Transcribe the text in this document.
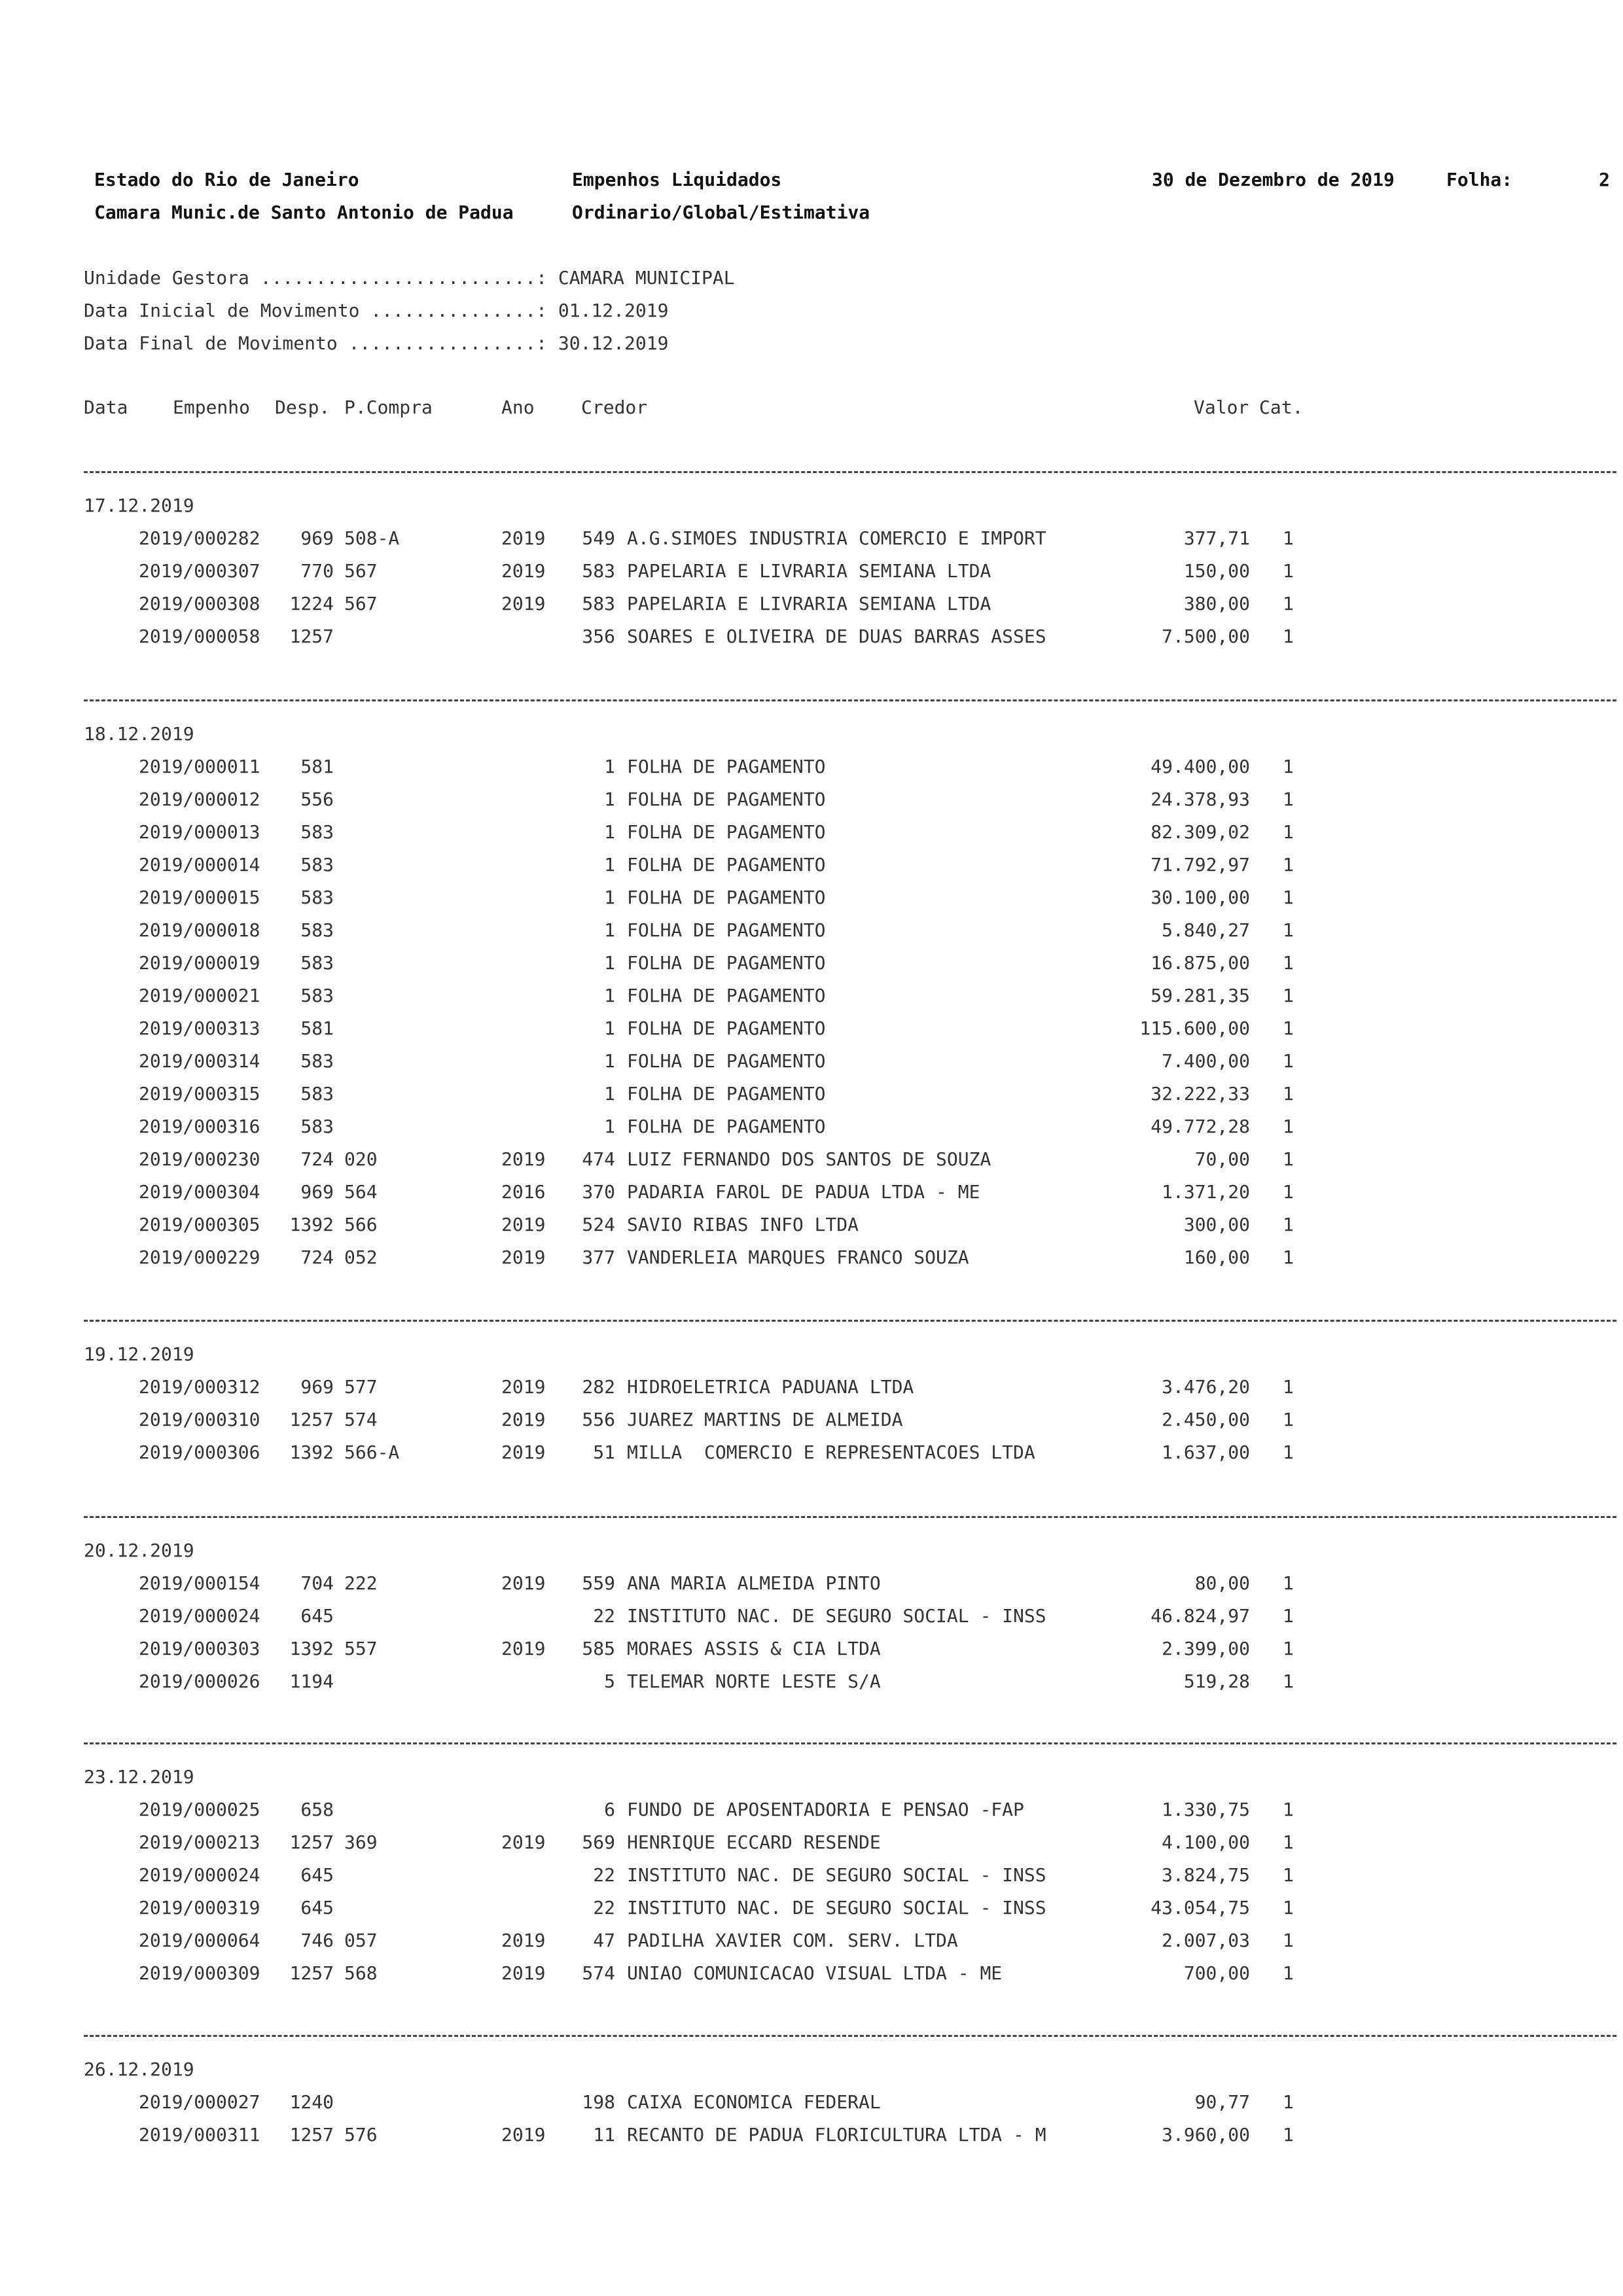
Estado do Rio de Janeiro
Camara Munic.de Santo Antonio de Padua
Empenhos Liquidados
Ordinario/Global/Estimativa
30 de Dezembro de 2019	Folha:	2
Unidade Gestora .........................: CAMARA MUNICIPAL
Data Inicial de Movimento ...............: 01.12.2019
Data Final de Movimento .................: 30.12.2019
Data Empenho Desp. P.Compra	Ano	Credor	Valor Cat.
17.12.2019
2019/000282	969 508-A	2019	549 A.G.SIMOES INDUSTRIA COMERCIO E IMPORT	377,71 1
2019/000307	770 567	2019	583 PAPELARIA E LIVRARIA SEMIANA LTDA	150,00 1
2019/000308	1224 567	2019	583 PAPELARIA E LIVRARIA SEMIANA LTDA	380,00 1
2019/000058	1257	356 SOARES E OLIVEIRA DE DUAS BARRAS ASSES	7.500,00 1
18.12.2019
2019/000011	581	1 FOLHA DE PAGAMENTO	49.400,00 1
2019/000012	556	1 FOLHA DE PAGAMENTO	24.378,93 1
2019/000013	583	1 FOLHA DE PAGAMENTO	82.309,02 1
2019/000014	583	1 FOLHA DE PAGAMENTO	71.792,97 1
2019/000015	583	1 FOLHA DE PAGAMENTO	30.100,00 1
2019/000018	583	1 FOLHA DE PAGAMENTO	5.840,27 1
2019/000019	583	1 FOLHA DE PAGAMENTO	16.875,00 1
2019/000021	583	1 FOLHA DE PAGAMENTO	59.281,35 1
2019/000313	581	1 FOLHA DE PAGAMENTO	115.600,00 1
2019/000314	583	1 FOLHA DE PAGAMENTO	7.400,00 1
2019/000315	583	1 FOLHA DE PAGAMENTO	32.222,33 1
2019/000316	583	1 FOLHA DE PAGAMENTO	49.772,28 1
2019/000230	724 020	2019	474 LUIZ FERNANDO DOS SANTOS DE SOUZA	70,00 1
2019/000304	969 564	2016	370 PADARIA FAROL DE PADUA LTDA - ME	1.371,20 1
2019/000305	1392 566	2019	524 SAVIO RIBAS INFO LTDA	300,00 1
2019/000229	724 052	2019	377 VANDERLEIA MARQUES FRANCO SOUZA	160,00 1
19.12.2019
2019/000312	969 577	2019	282 HIDROELETRICA PADUANA LTDA	3.476,20 1
2019/000310	1257 574	2019	556 JUAREZ MARTINS DE ALMEIDA	2.450,00 1
2019/000306	1392 566-A	2019	51 MILLA  COMERCIO E REPRESENTACOES LTDA	1.637,00 1
20.12.2019
2019/000154	704 222	2019	559 ANA MARIA ALMEIDA PINTO	80,00 1
2019/000024	645	22 INSTITUTO NAC. DE SEGURO SOCIAL - INSS	46.824,97 1
2019/000303	1392 557	2019	585 MORAES ASSIS & CIA LTDA	2.399,00 1
2019/000026	1194	5 TELEMAR NORTE LESTE S/A	519,28 1
23.12.2019
2019/000025	658	6 FUNDO DE APOSENTADORIA E PENSAO -FAP	1.330,75 1
2019/000213	1257 369	2019	569 HENRIQUE ECCARD RESENDE	4.100,00 1
2019/000024	645	22 INSTITUTO NAC. DE SEGURO SOCIAL - INSS	3.824,75 1
2019/000319	645	22 INSTITUTO NAC. DE SEGURO SOCIAL - INSS	43.054,75 1
2019/000064	746 057	2019	47 PADILHA XAVIER COM. SERV. LTDA	2.007,03 1
2019/000309	1257 568	2019	574 UNIAO COMUNICACAO VISUAL LTDA - ME	700,00 1
26.12.2019
2019/000027	1240	198 CAIXA ECONOMICA FEDERAL	90,77 1
2019/000311	1257 576	2019	11 RECANTO DE PADUA FLORICULTURA LTDA - M	3.960,00 1
